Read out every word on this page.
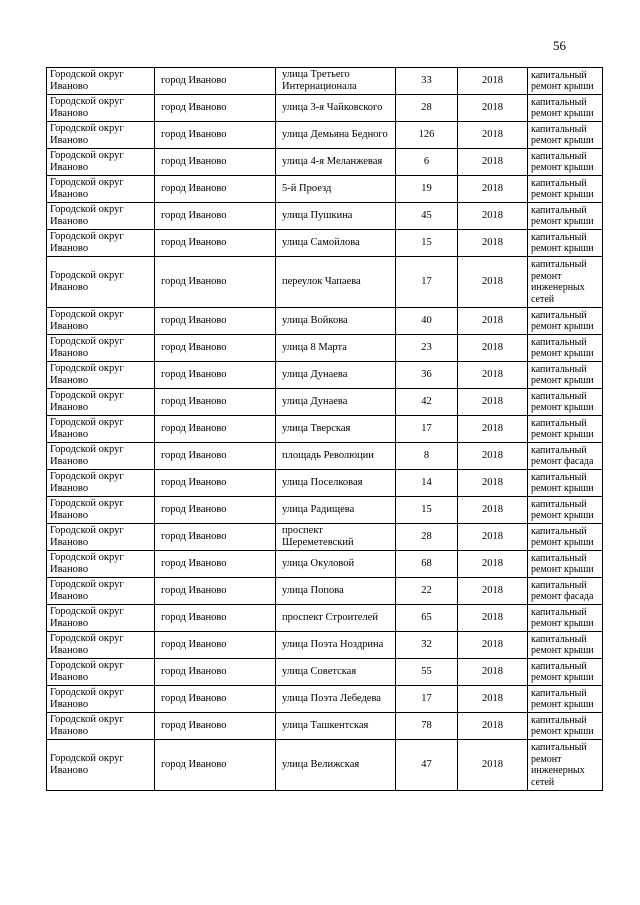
56
Городской округ Иваново	город Иваново	улица Третьего Интернационала	33	2018	капитальный ремонт крыши
Городской округ Иваново	город Иваново	улица 3-я Чайковского	28	2018	капитальный ремонт крыши
Городской округ Иваново	город Иваново	улица Демьяна Бедного	126	2018	капитальный ремонт крыши
Городской округ Иваново	город Иваново	улица 4-я Меланжевая	6	2018	капитальный ремонт крыши
Городской округ Иваново	город Иваново	5-й Проезд	19	2018	капитальный ремонт крыши
Городской округ Иваново	город Иваново	улица Пушкина	45	2018	капитальный ремонт крыши
Городской округ Иваново	город Иваново	улица Самойлова	15	2018	капитальный ремонт крыши
Городской округ Иваново	город Иваново	переулок Чапаева	17	2018	капитальный ремонт инженерных сетей
Городской округ Иваново	город Иваново	улица Войкова	40	2018	капитальный ремонт крыши
Городской округ Иваново	город Иваново	улица 8 Марта	23	2018	капитальный ремонт крыши
Городской округ Иваново	город Иваново	улица Дунаева	36	2018	капитальный ремонт крыши
Городской округ Иваново	город Иваново	улица Дунаева	42	2018	капитальный ремонт крыши
Городской округ Иваново	город Иваново	улица Тверская	17	2018	капитальный ремонт крыши
Городской округ Иваново	город Иваново	площадь Революции	8	2018	капитальный ремонт фасада
Городской округ Иваново	город Иваново	улица Поселковая	14	2018	капитальный ремонт крыши
Городской округ Иваново	город Иваново	улица Радищева	15	2018	капитальный ремонт крыши
Городской округ Иваново	город Иваново	проспект Шереметевский	28	2018	капитальный ремонт крыши
Городской округ Иваново	город Иваново	улица Окуловой	68	2018	капитальный ремонт крыши
Городской округ Иваново	город Иваново	улица Попова	22	2018	капитальный ремонт фасада
Городской округ Иваново	город Иваново	проспект Строителей	65	2018	капитальный ремонт крыши
Городской округ Иваново	город Иваново	улица Поэта Ноздрина	32	2018	капитальный ремонт крыши
Городской округ Иваново	город Иваново	улица Советская	55	2018	капитальный ремонт крыши
Городской округ Иваново	город Иваново	улица Поэта Лебедева	17	2018	капитальный ремонт крыши
Городской округ Иваново	город Иваново	улица Ташкентская	78	2018	капитальный ремонт крыши
Городской округ Иваново	город Иваново	улица Велижская	47	2018	капитальный ремонт инженерных сетей
